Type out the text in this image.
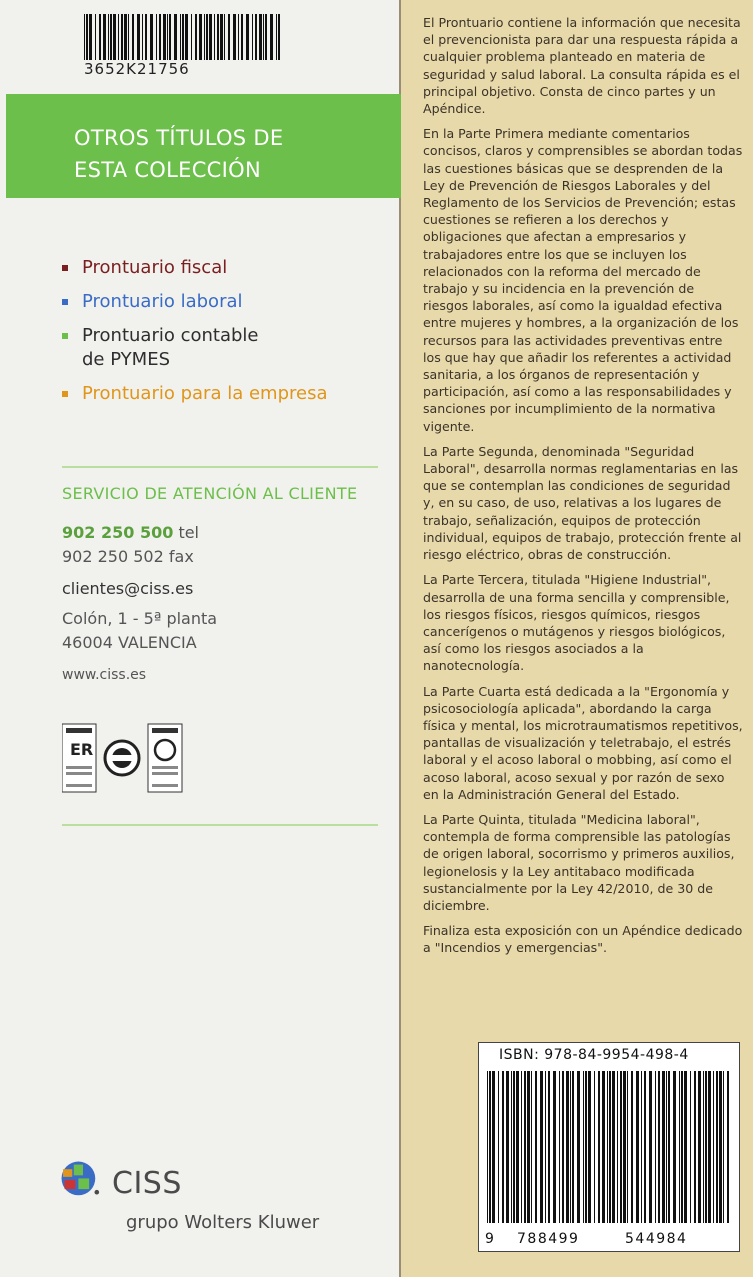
3652K21756
OTROS TÍTULOS DE
ESTA COLECCIÓN
Prontuario fiscal
Prontuario laboral
Prontuario contable
de PYMES
Prontuario para la empresa
SERVICIO DE ATENCIÓN AL CLIENTE
902 250 500 tel
902 250 502 fax
clientes@ciss.es
Colón, 1 - 5ª planta
46004 VALENCIA
www.ciss.es
ER
CISS
grupo Wolters Kluwer

El Prontuario contiene la información que necesita el prevencionista para dar una respuesta rápida a cualquier problema planteado en materia de seguridad y salud laboral. La consulta rápida es el principal objetivo. Consta de cinco partes y un Apéndice.

En la Parte Primera mediante comentarios concisos, claros y comprensibles se abordan todas las cuestiones básicas que se desprenden de la Ley de Prevención de Riesgos Laborales y del Reglamento de los Servicios de Prevención; estas cuestiones se refieren a los derechos y obligaciones que afectan a empresarios y trabajadores entre los que se incluyen los relacionados con la reforma del mercado de trabajo y su incidencia en la prevención de riesgos laborales, así como la igualdad efectiva entre mujeres y hombres, a la organización de los recursos para las actividades preventivas entre los que hay que añadir los referentes a actividad sanitaria, a los órganos de representación y participación, así como a las responsabilidades y sanciones por incumplimiento de la normativa vigente.

La Parte Segunda, denominada "Seguridad Laboral", desarrolla normas reglamentarias en las que se contemplan las condiciones de seguridad y, en su caso, de uso, relativas a los lugares de trabajo, señalización, equipos de protección individual, equipos de trabajo, protección frente al riesgo eléctrico, obras de construcción.

La Parte Tercera, titulada "Higiene Industrial", desarrolla de una forma sencilla y comprensible, los riesgos físicos, riesgos químicos, riesgos cancerígenos o mutágenos y riesgos biológicos, así como los riesgos asociados a la nanotecnología.

La Parte Cuarta está dedicada a la "Ergonomía y psicosociología aplicada", abordando la carga física y mental, los microtraumatismos repetitivos, pantallas de visualización y teletrabajo, el estrés laboral y el acoso laboral o mobbing, así como el acoso laboral, acoso sexual y por razón de sexo en la Administración General del Estado.

La Parte Quinta, titulada "Medicina laboral", contempla de forma comprensible las patologías de origen laboral, socorrismo y primeros auxilios, legionelosis y la Ley antitabaco modificada sustancialmente por la Ley 42/2010, de 30 de diciembre.

Finaliza esta exposición con un Apéndice dedicado a "Incendios y emergencias".

ISBN: 978-84-9954-498-4
9 788499	544984
